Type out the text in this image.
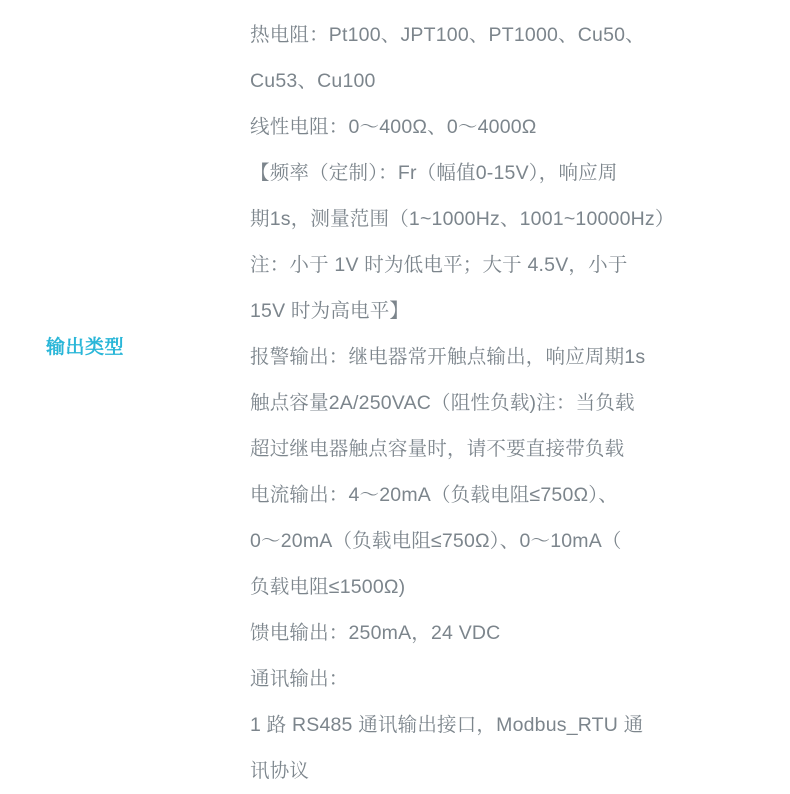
输出类型
热电阻：Pt100、JPT100、PT1000、Cu50、
Cu53、Cu100
线性电阻：0～400Ω、0～4000Ω
【频率（定制）：Fr（幅值0-15V），响应周
期1s，测量范围（1~1000Hz、1001~10000Hz）
注：小于 1V 时为低电平；大于 4.5V，小于
15V 时为高电平】
报警输出：继电器常开触点输出，响应周期1s
触点容量2A/250VAC（阻性负载)注：当负载
超过继电器触点容量时，请不要直接带负载
电流输出：4～20mA（负载电阻≤750Ω）、
0～20mA（负载电阻≤750Ω）、0～10mA（
负载电阻≤1500Ω)
馈电输出：250mA，24 VDC
通讯输出：
1 路 RS485 通讯输出接口，Modbus_RTU 通
讯协议
